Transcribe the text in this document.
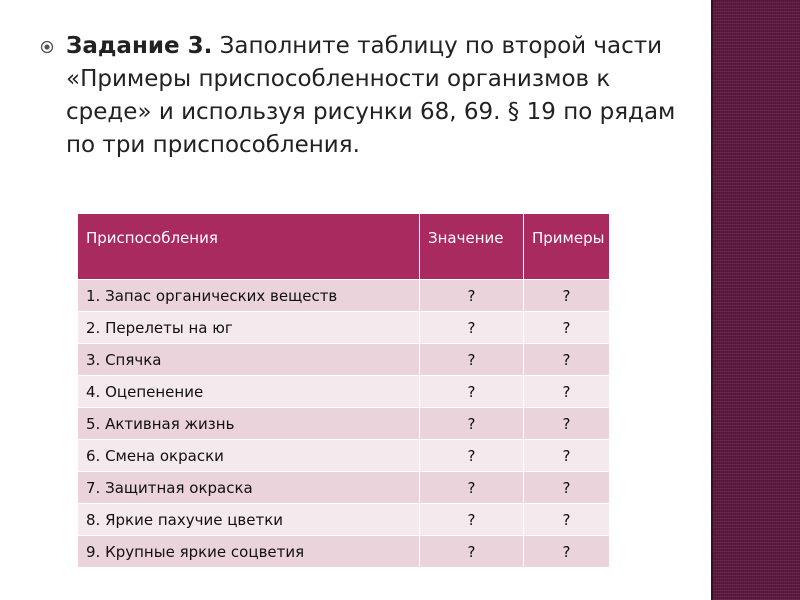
Задание 3. Заполните таблицу по второй части «Примеры приспособленности организмов к среде» и используя рисунки 68, 69. § 19 по рядам по три приспособления.
Приспособления	Значение	Примеры
1. Запас органических веществ	?	?
2. Перелеты на юг	?	?
3. Спячка	?	?
4. Оцепенение	?	?
5. Активная жизнь	?	?
6. Смена окраски	?	?
7. Защитная окраска	?	?
8. Яркие пахучие цветки	?	?
9. Крупные яркие соцветия	?	?
